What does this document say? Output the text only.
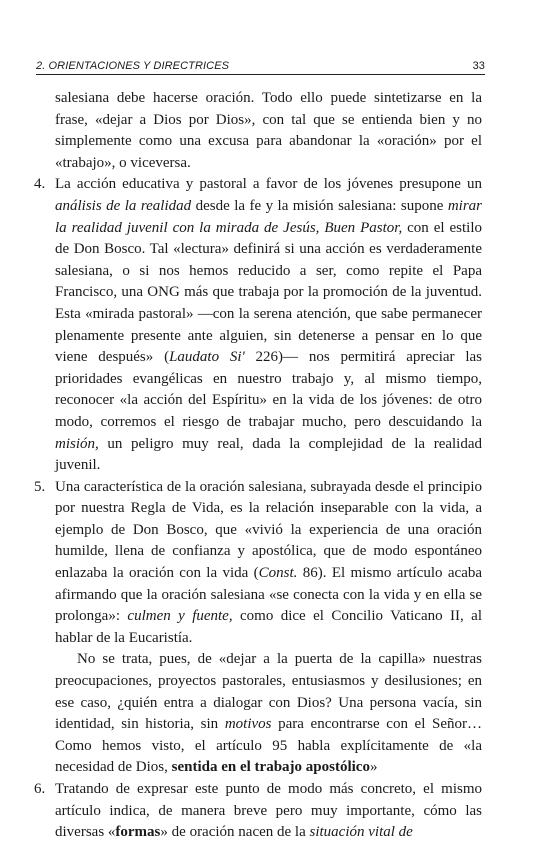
2. ORIENTACIONES Y DIRECTRICES	33

salesiana debe hacerse oración. Todo ello puede sintetizarse en la frase, «dejar a Dios por Dios», con tal que se entienda bien y no simplemente como una excusa para abandonar la «oración» por el «trabajo», o viceversa.

4. La acción educativa y pastoral a favor de los jóvenes presupone un análisis de la realidad desde la fe y la misión salesiana: supone mirar la realidad juvenil con la mirada de Jesús, Buen Pastor, con el estilo de Don Bosco. Tal «lectura» definirá si una acción es verdaderamente salesiana, o si nos hemos reducido a ser, como repite el Papa Francisco, una ONG más que trabaja por la promoción de la juventud. Esta «mirada pastoral» —con la serena atención, que sabe permanecer plenamente presente ante alguien, sin detenerse a pensar en lo que viene después» (Laudato Si' 226)— nos permitirá apreciar las prioridades evangélicas en nuestro trabajo y, al mismo tiempo, reconocer «la acción del Espíritu» en la vida de los jóvenes: de otro modo, corremos el riesgo de trabajar mucho, pero descuidando la misión, un peligro muy real, dada la complejidad de la realidad juvenil.

5. Una característica de la oración salesiana, subrayada desde el principio por nuestra Regla de Vida, es la relación inseparable con la vida, a ejemplo de Don Bosco, que «vivió la experiencia de una oración humilde, llena de confianza y apostólica, que de modo espontáneo enlazaba la oración con la vida (Const. 86). El mismo artículo acaba afirmando que la oración salesiana «se conecta con la vida y en ella se prolonga»: culmen y fuente, como dice el Concilio Vaticano II, al hablar de la Eucaristía.

No se trata, pues, de «dejar a la puerta de la capilla» nuestras preocupaciones, proyectos pastorales, entusiasmos y desilusiones; en ese caso, ¿quién entra a dialogar con Dios? Una persona vacía, sin identidad, sin historia, sin motivos para encontrarse con el Señor… Como hemos visto, el artículo 95 habla explícitamente de «la necesidad de Dios, sentida en el trabajo apostólico»

6. Tratando de expresar este punto de modo más concreto, el mismo artículo indica, de manera breve pero muy importante, cómo las diversas «formas» de oración nacen de la situación vital de
